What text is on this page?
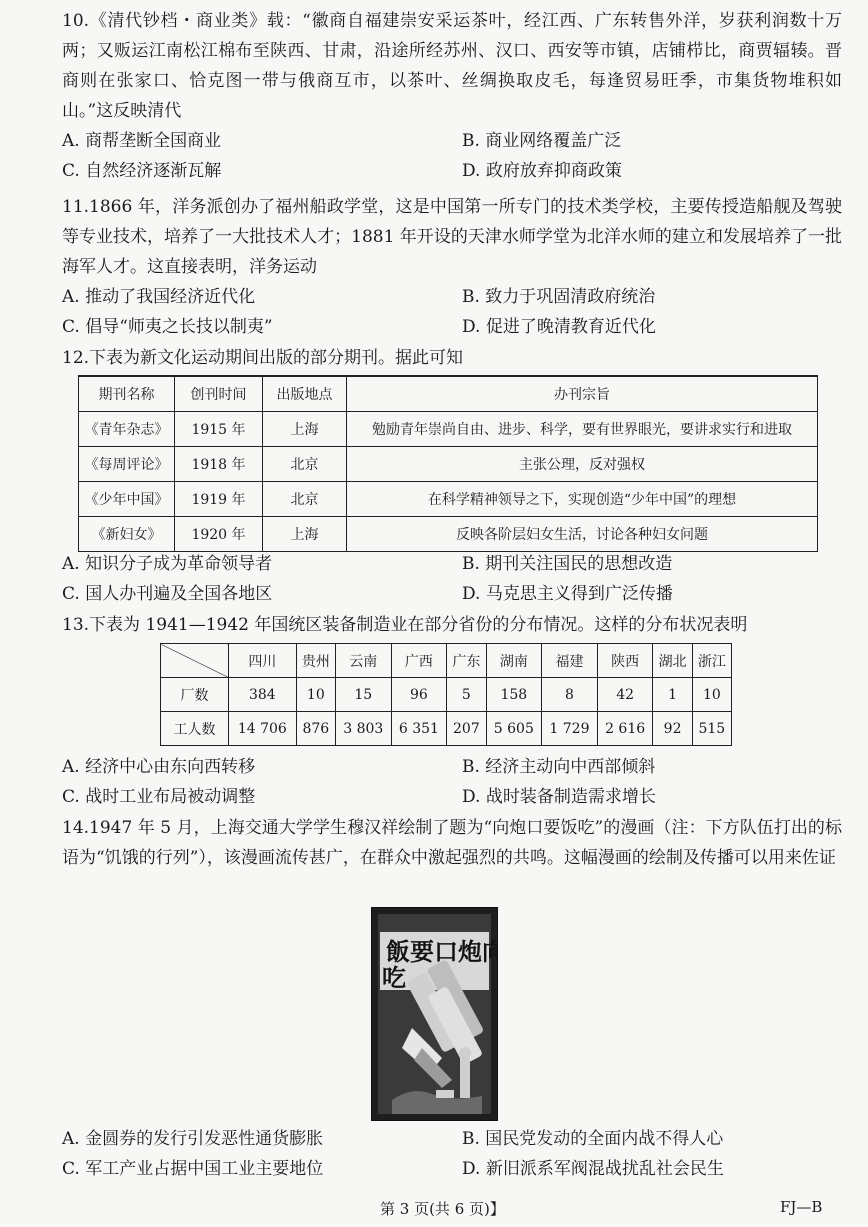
10.《清代钞档・商业类》载：“徽商自福建崇安采运茶叶，经江西、广东转售外洋，岁获利润数十万两；又贩运江南松江棉布至陕西、甘肃，沿途所经苏州、汉口、西安等市镇，店铺栉比，商贾辐辏。晋商则在张家口、恰克图一带与俄商互市，以茶叶、丝绸换取皮毛，每逢贸易旺季，市集货物堆积如山。”这反映清代

A. 商帮垄断全国商业	B. 商业网络覆盖广泛
C. 自然经济逐渐瓦解	D. 政府放弃抑商政策

11.1866 年，洋务派创办了福州船政学堂，这是中国第一所专门的技术类学校，主要传授造船舰及驾驶等专业技术，培养了一大批技术人才；1881 年开设的天津水师学堂为北洋水师的建立和发展培养了一批海军人才。这直接表明，洋务运动

A. 推动了我国经济近代化	B. 致力于巩固清政府统治
C. 倡导“师夷之长技以制夷”	D. 促进了晚清教育近代化

12.下表为新文化运动期间出版的部分期刊。据此可知

期刊名称	创刊时间	出版地点	办刊宗旨
《青年杂志》	1915 年	上海	勉励青年崇尚自由、进步、科学，要有世界眼光，要讲求实行和进取
《每周评论》	1918 年	北京	主张公理，反对强权
《少年中国》	1919 年	北京	在科学精神领导之下，实现创造“少年中国”的理想
《新妇女》	1920 年	上海	反映各阶层妇女生活，讨论各种妇女问题
A. 知识分子成为革命领导者	B. 期刊关注国民的思想改造
C. 国人办刊遍及全国各地区	D. 马克思主义得到广泛传播

13.下表为 1941—1942 年国统区装备制造业在部分省份的分布情况。这样的分布状况表明

	四川	贵州	云南	广西	广东	湖南	福建	陕西	湖北	浙江
厂数	384	10	15	96	5	158	8	42	1	10
工人数	14 706	876	3 803	6 351	207	5 605	1 729	2 616	92	515
A. 经济中心由东向西转移	B. 经济主动向中西部倾斜
C. 战时工业布局被动调整	D. 战时装备制造需求增长

14.1947 年 5 月，上海交通大学学生穆汉祥绘制了题为“向炮口要饭吃”的漫画（注：下方队伍打出的标语为“饥饿的行列”），该漫画流传甚广，在群众中激起强烈的共鸣。这幅漫画的绘制及传播可以用来佐证

飯要口炮向
吃
A. 金圆券的发行引发恶性通货膨胀	B. 国民党发动的全面内战不得人心
C. 军工产业占据中国工业主要地位	D. 新旧派系军阀混战扰乱社会民生
第 3 页(共 6 页)】	FJ—B
